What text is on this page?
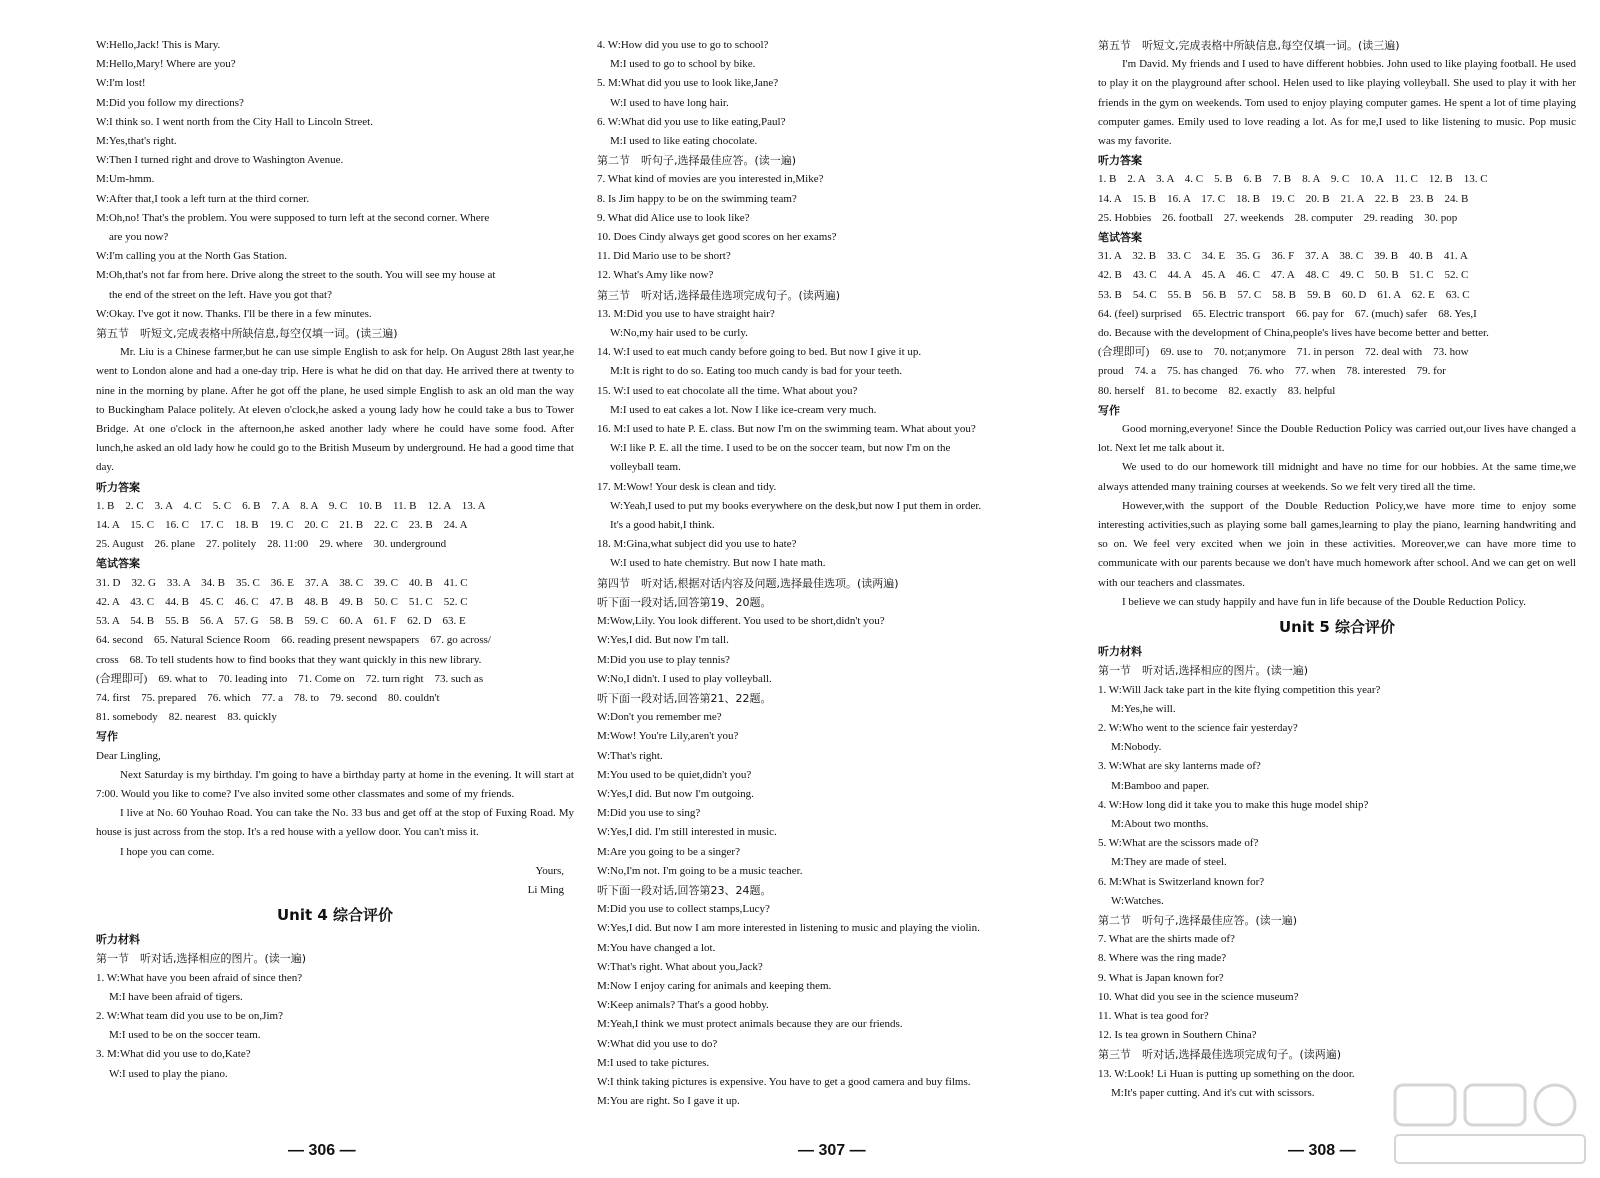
W:Hello,Jack! This is Mary.
M:Hello,Mary! Where are you?
W:I'm lost!
M:Did you follow my directions?
W:I think so. I went north from the City Hall to Lincoln Street.
M:Yes,that's right.
W:Then I turned right and drove to Washington Avenue.
M:Um-hmm.
W:After that,I took a left turn at the third corner.
M:Oh,no! That's the problem. You were supposed to turn left at the second corner. Where
are you now?
W:I'm calling you at the North Gas Station.
M:Oh,that's not far from here. Drive along the street to the south. You will see my house at
the end of the street on the left. Have you got that?
W:Okay. I've got it now. Thanks. I'll be there in a few minutes.
第五节　听短文,完成表格中所缺信息,每空仅填一词。(读三遍)
Mr. Liu is a Chinese farmer,but he can use simple English to ask for help. On August 28th last year,he went to London alone and had a one-day trip. Here is what he did on that day. He arrived there at twenty to nine in the morning by plane. After he got off the plane, he used simple English to ask an old man the way to Buckingham Palace politely. At eleven o'clock,he asked a young lady how he could take a bus to Tower Bridge. At one o'clock in the afternoon,he asked another lady where he could have some food. After lunch,he asked an old lady how he could go to the British Museum by underground. He had a good time that day.
听力答案
1. B　2. C　3. A　4. C　5. C　6. B　7. A　8. A　9. C　10. B　11. B　12. A　13. A
14. A　15. C　16. C　17. C　18. B　19. C　20. C　21. B　22. C　23. B　24. A
25. August　26. plane　27. politely　28. 11:00　29. where　30. underground
笔试答案
31. D　32. G　33. A　34. B　35. C　36. E　37. A　38. C　39. C　40. B　41. C
42. A　43. C　44. B　45. C　46. C　47. B　48. B　49. B　50. C　51. C　52. C
53. A　54. B　55. B　56. A　57. G　58. B　59. C　60. A　61. F　62. D　63. E
64. second　65. Natural Science Room　66. reading present newspapers　67. go across/
cross　68. To tell students how to find books that they want quickly in this new library.
(合理即可)　69. what to　70. leading into　71. Come on　72. turn right　73. such as
74. first　75. prepared　76. which　77. a　78. to　79. second　80. couldn't
81. somebody　82. nearest　83. quickly
写作
Dear Lingling,
Next Saturday is my birthday. I'm going to have a birthday party at home in the evening. It will start at 7:00. Would you like to come? I've also invited some other classmates and some of my friends.
I live at No. 60 Youhao Road. You can take the No. 33 bus and get off at the stop of Fuxing Road. My house is just across from the stop. It's a red house with a yellow door. You can't miss it.
I hope you can come.
Yours,
Li Ming
Unit 4 综合评价
听力材料
第一节　听对话,选择相应的图片。(读一遍)
1. W:What have you been afraid of since then?
M:I have been afraid of tigers.
2. W:What team did you use to be on,Jim?
M:I used to be on the soccer team.
3. M:What did you use to do,Kate?
W:I used to play the piano.
4. W:How did you use to go to school?
M:I used to go to school by bike.
5. M:What did you use to look like,Jane?
W:I used to have long hair.
6. W:What did you use to like eating,Paul?
M:I used to like eating chocolate.
第二节　听句子,选择最佳应答。(读一遍)
7. What kind of movies are you interested in,Mike?
8. Is Jim happy to be on the swimming team?
9. What did Alice use to look like?
10. Does Cindy always get good scores on her exams?
11. Did Mario use to be short?
12. What's Amy like now?
第三节　听对话,选择最佳选项完成句子。(读两遍)
13. M:Did you use to have straight hair?
W:No,my hair used to be curly.
14. W:I used to eat much candy before going to bed. But now I give it up.
M:It is right to do so. Eating too much candy is bad for your teeth.
15. W:I used to eat chocolate all the time. What about you?
M:I used to eat cakes a lot. Now I like ice-cream very much.
16. M:I used to hate P. E. class. But now I'm on the swimming team. What about you?
W:I like P. E. all the time. I used to be on the soccer team, but now I'm on the
volleyball team.
17. M:Wow! Your desk is clean and tidy.
W:Yeah,I used to put my books everywhere on the desk,but now I put them in order.
It's a good habit,I think.
18. M:Gina,what subject did you use to hate?
W:I used to hate chemistry. But now I hate math.
第四节　听对话,根据对话内容及问题,选择最佳选项。(读两遍)
听下面一段对话,回答第19、20题。
M:Wow,Lily. You look different. You used to be short,didn't you?
W:Yes,I did. But now I'm tall.
M:Did you use to play tennis?
W:No,I didn't. I used to play volleyball.
听下面一段对话,回答第21、22题。
W:Don't you remember me?
M:Wow! You're Lily,aren't you?
W:That's right.
M:You used to be quiet,didn't you?
W:Yes,I did. But now I'm outgoing.
M:Did you use to sing?
W:Yes,I did. I'm still interested in music.
M:Are you going to be a singer?
W:No,I'm not. I'm going to be a music teacher.
听下面一段对话,回答第23、24题。
M:Did you use to collect stamps,Lucy?
W:Yes,I did. But now I am more interested in listening to music and playing the violin.
M:You have changed a lot.
W:That's right. What about you,Jack?
M:Now I enjoy caring for animals and keeping them.
W:Keep animals? That's a good hobby.
M:Yeah,I think we must protect animals because they are our friends.
W:What did you use to do?
M:I used to take pictures.
W:I think taking pictures is expensive. You have to get a good camera and buy films.
M:You are right. So I gave it up.
第五节　听短文,完成表格中所缺信息,每空仅填一词。(读三遍)
I'm David. My friends and I used to have different hobbies. John used to like playing football. He used to play it on the playground after school. Helen used to like playing volleyball. She used to play it with her friends in the gym on weekends. Tom used to enjoy playing computer games. He spent a lot of time playing computer games. Emily used to love reading a lot. As for me,I used to like listening to music. Pop music was my favorite.
听力答案
1. B　2. A　3. A　4. C　5. B　6. B　7. B　8. A　9. C　10. A　11. C　12. B　13. C
14. A　15. B　16. A　17. C　18. B　19. C　20. B　21. A　22. B　23. B　24. B
25. Hobbies　26. football　27. weekends　28. computer　29. reading　30. pop
笔试答案
31. A　32. B　33. C　34. E　35. G　36. F　37. A　38. C　39. B　40. B　41. A
42. B　43. C　44. A　45. A　46. C　47. A　48. C　49. C　50. B　51. C　52. C
53. B　54. C　55. B　56. B　57. C　58. B　59. B　60. D　61. A　62. E　63. C
64. (feel) surprised　65. Electric transport　66. pay for　67. (much) safer　68. Yes,I
do. Because with the development of China,people's lives have become better and better.
(合理即可)　69. use to　70. not;anymore　71. in person　72. deal with　73. how
proud　74. a　75. has changed　76. who　77. when　78. interested　79. for
80. herself　81. to become　82. exactly　83. helpful
写作
Good morning,everyone! Since the Double Reduction Policy was carried out,our lives have changed a lot. Next let me talk about it.
We used to do our homework till midnight and have no time for our hobbies. At the same time,we always attended many training courses at weekends. So we felt very tired all the time.
However,with the support of the Double Reduction Policy,we have more time to enjoy some interesting activities,such as playing some ball games,learning to play the piano, learning handwriting and so on. We feel very excited when we join in these activities. Moreover,we can have more time to communicate with our parents because we don't have much homework after school. And we can get on well with our teachers and classmates.
I believe we can study happily and have fun in life because of the Double Reduction Policy.
Unit 5 综合评价
听力材料
第一节　听对话,选择相应的图片。(读一遍)
1. W:Will Jack take part in the kite flying competition this year?
M:Yes,he will.
2. W:Who went to the science fair yesterday?
M:Nobody.
3. W:What are sky lanterns made of?
M:Bamboo and paper.
4. W:How long did it take you to make this huge model ship?
M:About two months.
5. W:What are the scissors made of?
M:They are made of steel.
6. M:What is Switzerland known for?
W:Watches.
第二节　听句子,选择最佳应答。(读一遍)
7. What are the shirts made of?
8. Where was the ring made?
9. What is Japan known for?
10. What did you see in the science museum?
11. What is tea good for?
12. Is tea grown in Southern China?
第三节　听对话,选择最佳选项完成句子。(读两遍)
13. W:Look! Li Huan is putting up something on the door.
M:It's paper cutting. And it's cut with scissors.
— 306 —	— 307 —	— 308 —
